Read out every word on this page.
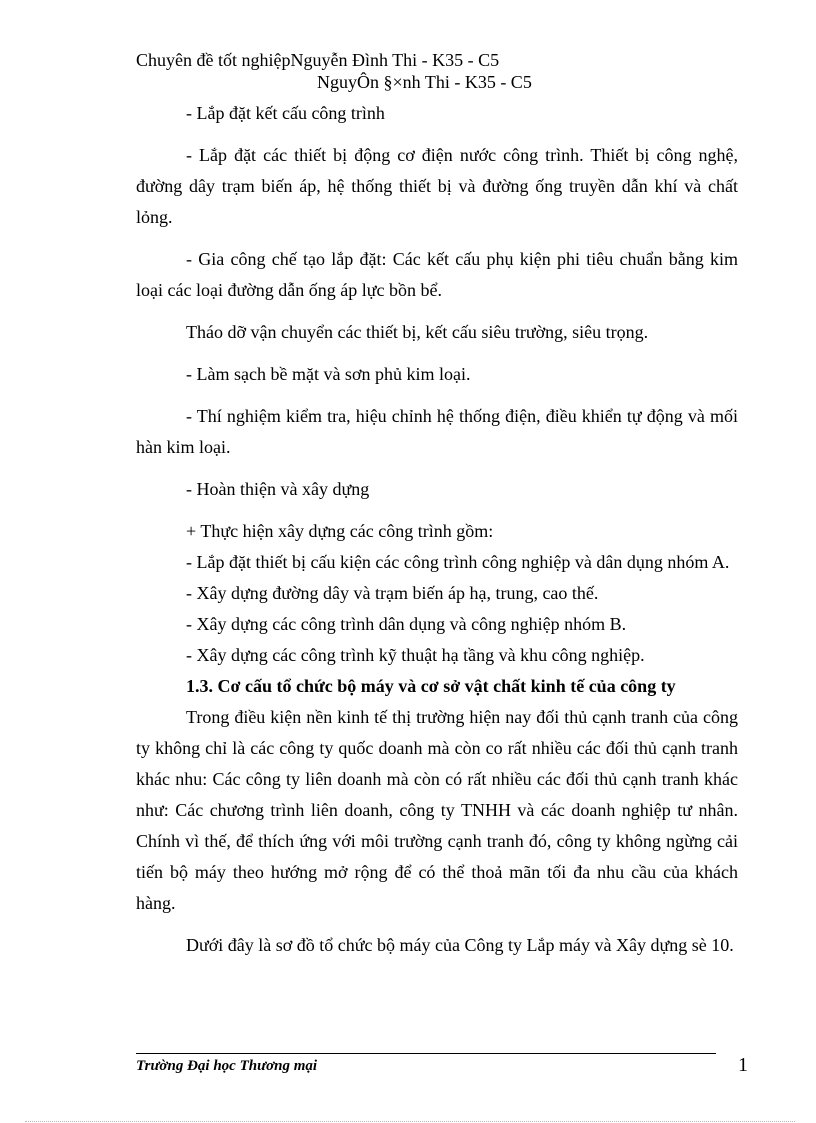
Chuyên đề tốt nghiệpNguyễn Đình Thi - K35 - C5
NguyÔn §×nh Thi - K35 - C5

- Lắp đặt kết cấu công trình

- Lắp đặt các thiết bị động cơ điện nước công trình. Thiết bị công nghệ, đường dây trạm biến áp, hệ thống thiết bị và đường ống truyền dẫn khí và chất lỏng.

- Gia công chế tạo lắp đặt: Các kết cấu phụ kiện phi tiêu chuẩn bằng kim loại các loại đường dẫn ống áp lực bồn bể.

Tháo dỡ vận chuyển các thiết bị, kết cấu siêu trường, siêu trọng.

- Làm sạch bề mặt và sơn phủ kim loại.

- Thí nghiệm kiểm tra, hiệu chỉnh hệ thống điện, điều khiển tự động và mối hàn kim loại.

- Hoàn thiện và xây dựng

+ Thực hiện xây dựng các công trình gồm:

- Lắp đặt thiết bị cấu kiện các công trình công nghiệp và dân dụng nhóm A.

- Xây dựng đường dây và trạm biến áp hạ, trung, cao thế.

- Xây dựng các công trình dân dụng và công nghiệp nhóm B.

- Xây dựng các công trình kỹ thuật hạ tầng và khu công nghiệp.

1.3. Cơ cấu tổ chức bộ máy và cơ sở vật chất kinh tế của công ty

Trong điều kiện nền kinh tế thị trường hiện nay đối thủ cạnh tranh của công ty không chỉ là các công ty quốc doanh mà còn co rất nhiều các đối thủ cạnh tranh khác nhu: Các công ty liên doanh mà còn có rất nhiều các đối thủ cạnh tranh khác như: Các chương trình liên doanh, công ty TNHH và các doanh nghiệp tư nhân. Chính vì thế, để thích ứng với môi trường cạnh tranh đó, công ty không ngừng cải tiến bộ máy theo hướng mở rộng để có thể thoả mãn tối đa nhu cầu của khách hàng.

Dưới đây là sơ đồ tổ chức bộ máy của Công ty Lắp máy và Xây dựng sè 10.

Trường Đại học Thương mại	1
